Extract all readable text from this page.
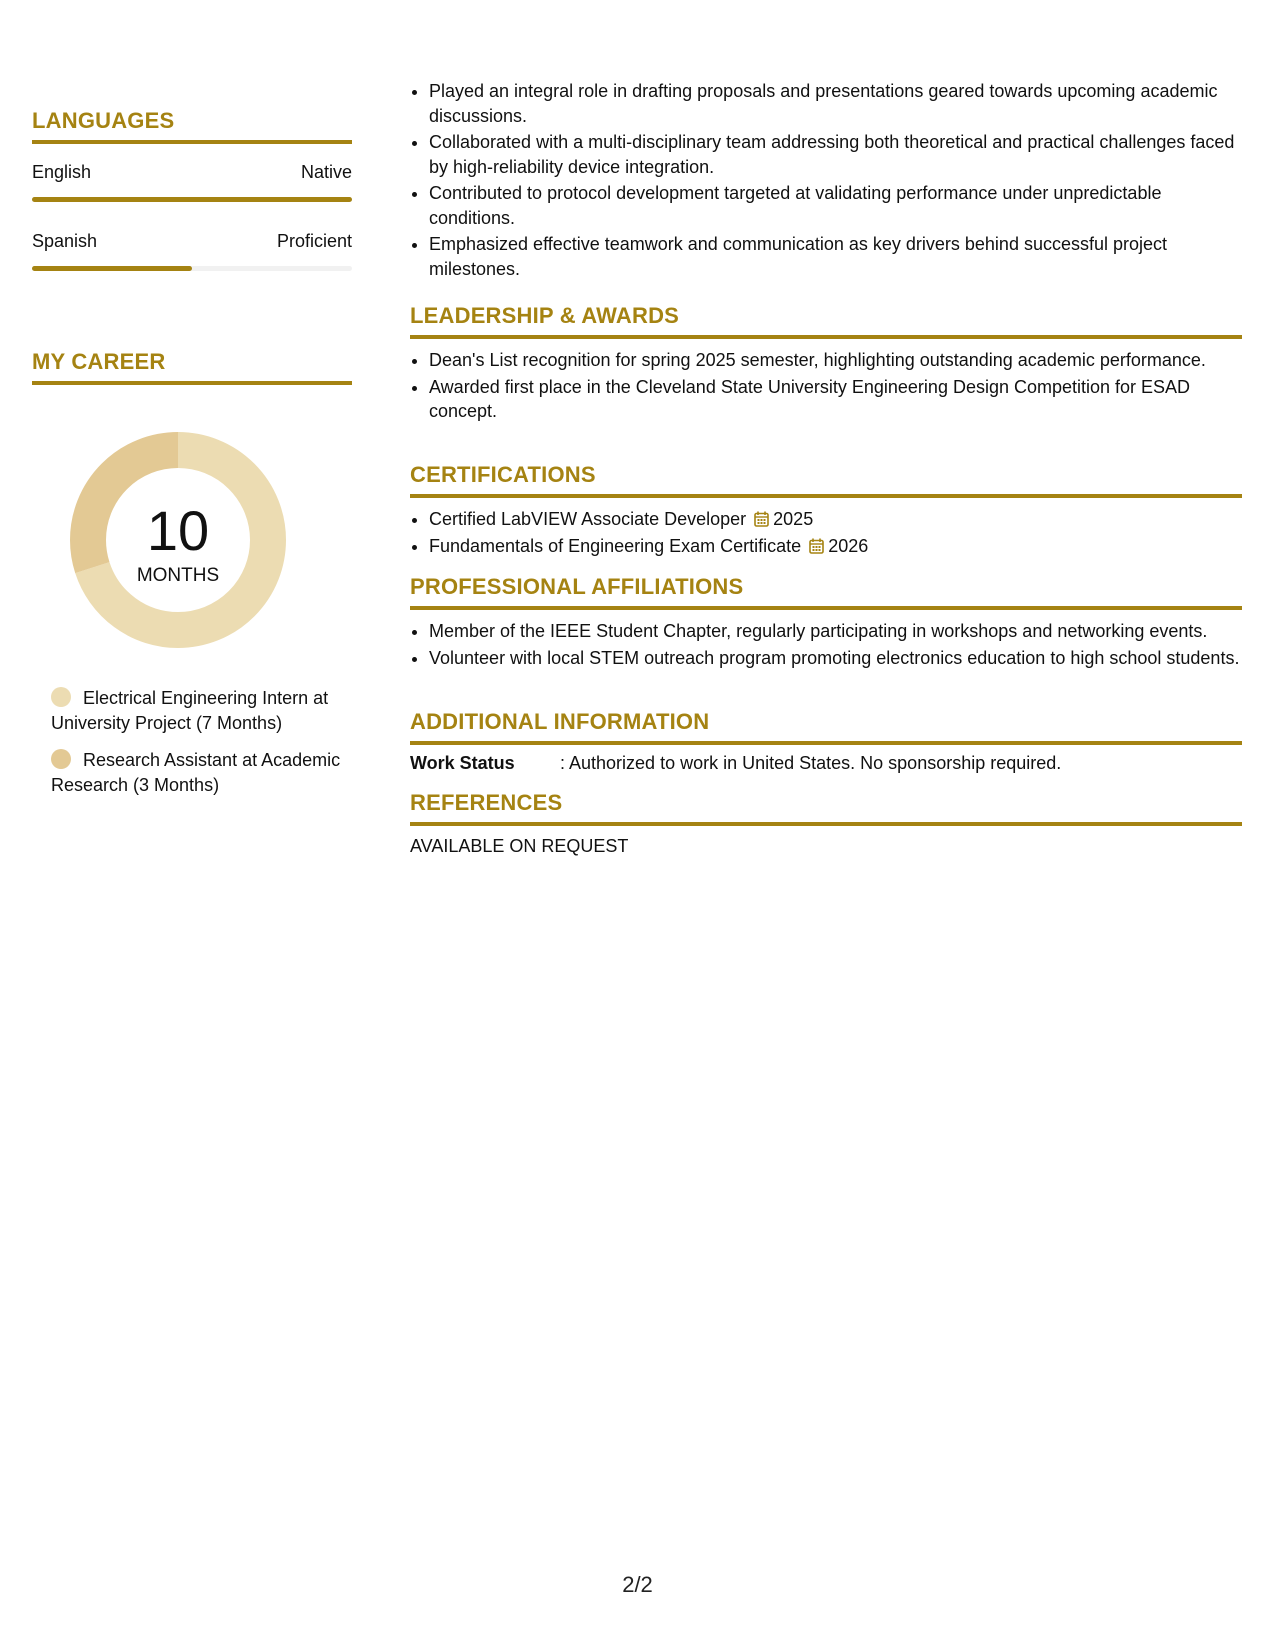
LANGUAGES
English	Native
Spanish	Proficient
MY CAREER
10
MONTHS
Electrical Engineering Intern at University Project (7 Months)
Research Assistant at Academic Research (3 Months)
• Played an integral role in drafting proposals and presentations geared towards upcoming academic discussions.
• Collaborated with a multi-disciplinary team addressing both theoretical and practical challenges faced by high-reliability device integration.
• Contributed to protocol development targeted at validating performance under unpredictable conditions.
• Emphasized effective teamwork and communication as key drivers behind successful project milestones.
LEADERSHIP & AWARDS
• Dean's List recognition for spring 2025 semester, highlighting outstanding academic performance.
• Awarded first place in the Cleveland State University Engineering Design Competition for ESAD concept.
CERTIFICATIONS
• Certified LabVIEW Associate Developer 2025
• Fundamentals of Engineering Exam Certificate 2026
PROFESSIONAL AFFILIATIONS
• Member of the IEEE Student Chapter, regularly participating in workshops and networking events.
• Volunteer with local STEM outreach program promoting electronics education to high school students.
ADDITIONAL INFORMATION
Work Status	: Authorized to work in United States. No sponsorship required.
REFERENCES
AVAILABLE ON REQUEST
2/2
